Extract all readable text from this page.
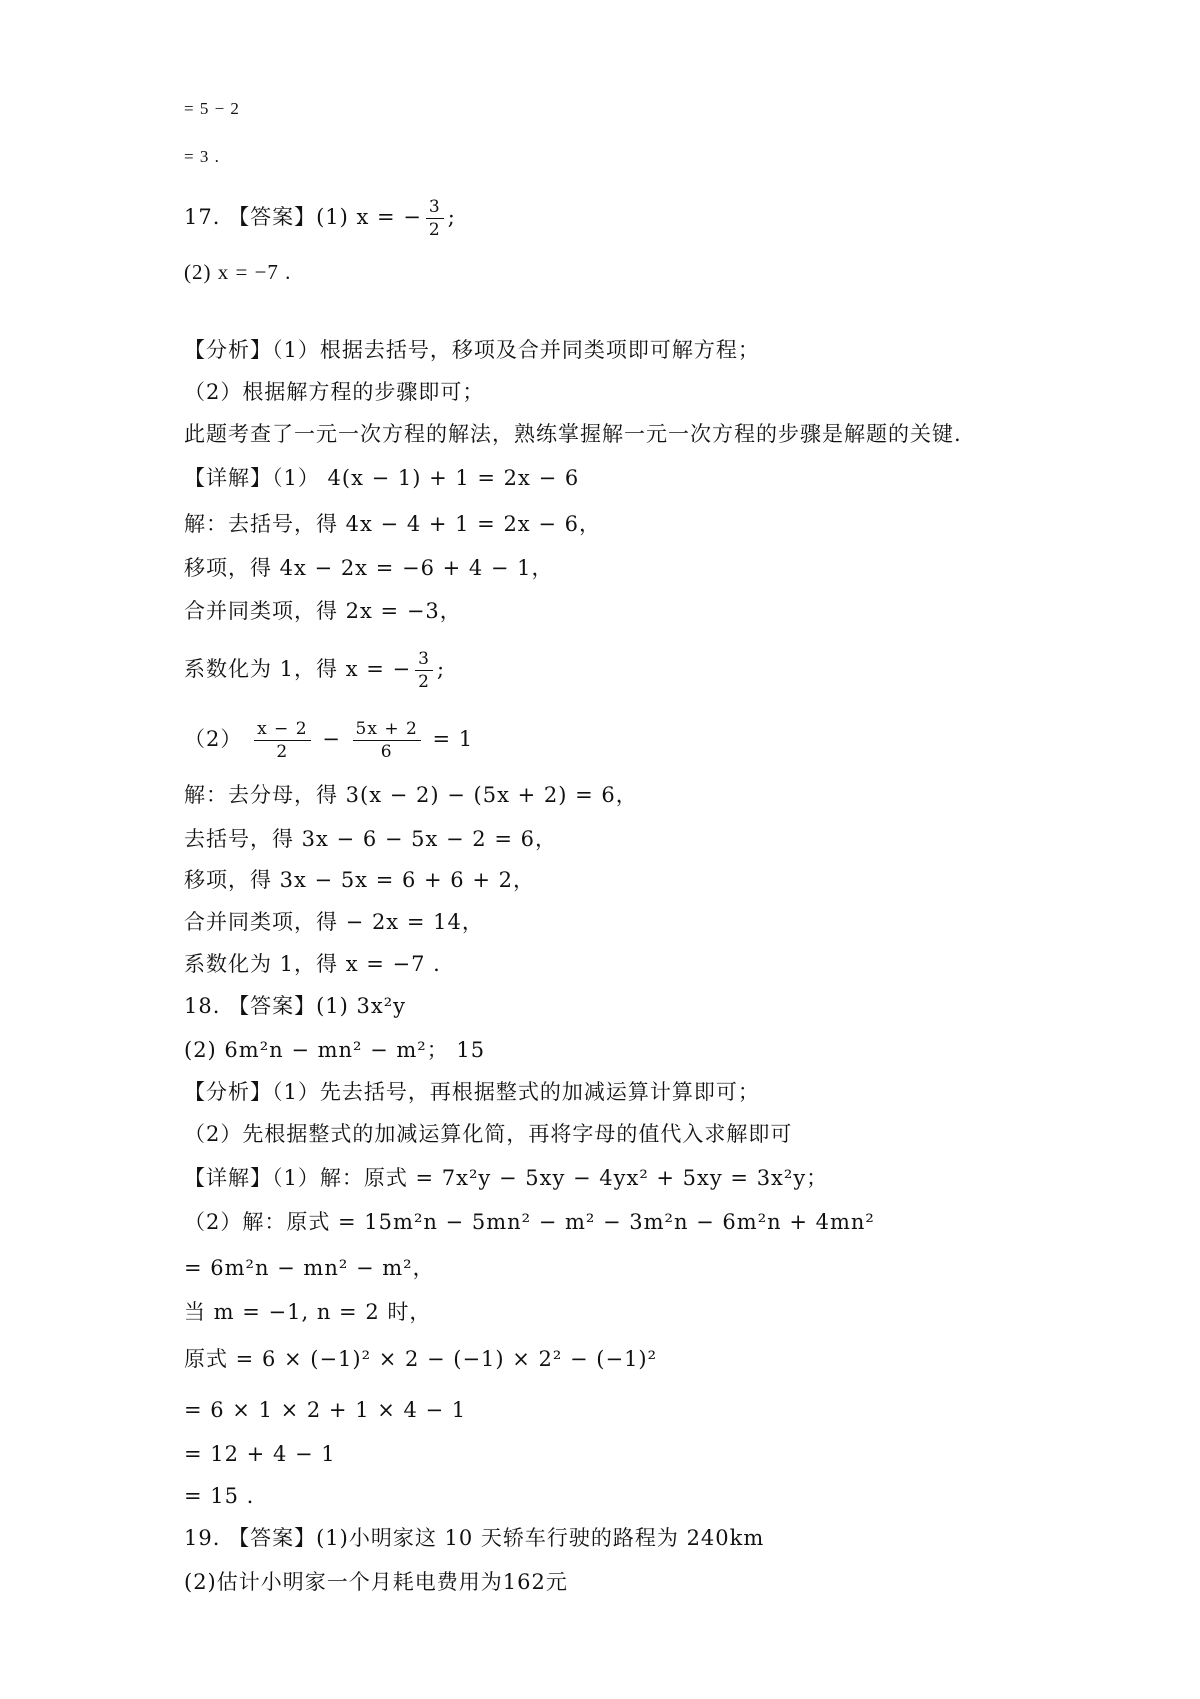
= 5 − 2
= 3 .
17. 【答案】(1) x = − $\frac{3}{2}$ ;
(2) x = −7 .
【分析】（1）根据去括号，移项及合并同类项即可解方程；
（2）根据解方程的步骤即可；
此题考查了一元一次方程的解法，熟练掌握解一元一次方程的步骤是解题的关键.
【详解】（1） 4(x − 1) + 1 = 2x − 6
解：去括号，得 4x − 4 + 1 = 2x − 6，
移项，得 4x − 2x = −6 + 4 − 1，
合并同类项，得 2x = −3，
系数化为 1，得 x = − $\frac{3}{2}$ ;
$(2) \frac{x - 2}{2} - \frac{5x + 2}{6} = 1$
解：去分母，得 3(x − 2) − (5x + 2) = 6，
去括号，得 3x − 6 − 5x − 2 = 6，
移项，得 3x − 5x = 6 + 6 + 2，
合并同类项，得 − 2x = 14，
系数化为 1，得 x = −7 .
18. 【答案】(1) 3x²y
(2) 6m²n − mn² − m²； 15
【分析】（1）先去括号，再根据整式的加减运算计算即可；
（2）先根据整式的加减运算化简，再将字母的值代入求解即可
【详解】（1）解：原式 = 7x²y − 5xy − 4yx² + 5xy = 3x²y；
（2）解：原式 = 15m²n − 5mn² − m² − 3m²n − 6m²n + 4mn²
= 6m²n − mn² − m²，
当 m = −1, n = 2 时，
原式 = 6 × (−1)² × 2 − (−1) × 2² − (−1)²
= 6 × 1 × 2 + 1 × 4 − 1
= 12 + 4 − 1
= 15 .
19. 【答案】(1)小明家这 10 天轿车行驶的路程为 240km
(2)估计小明家一个月耗电费用为162元
